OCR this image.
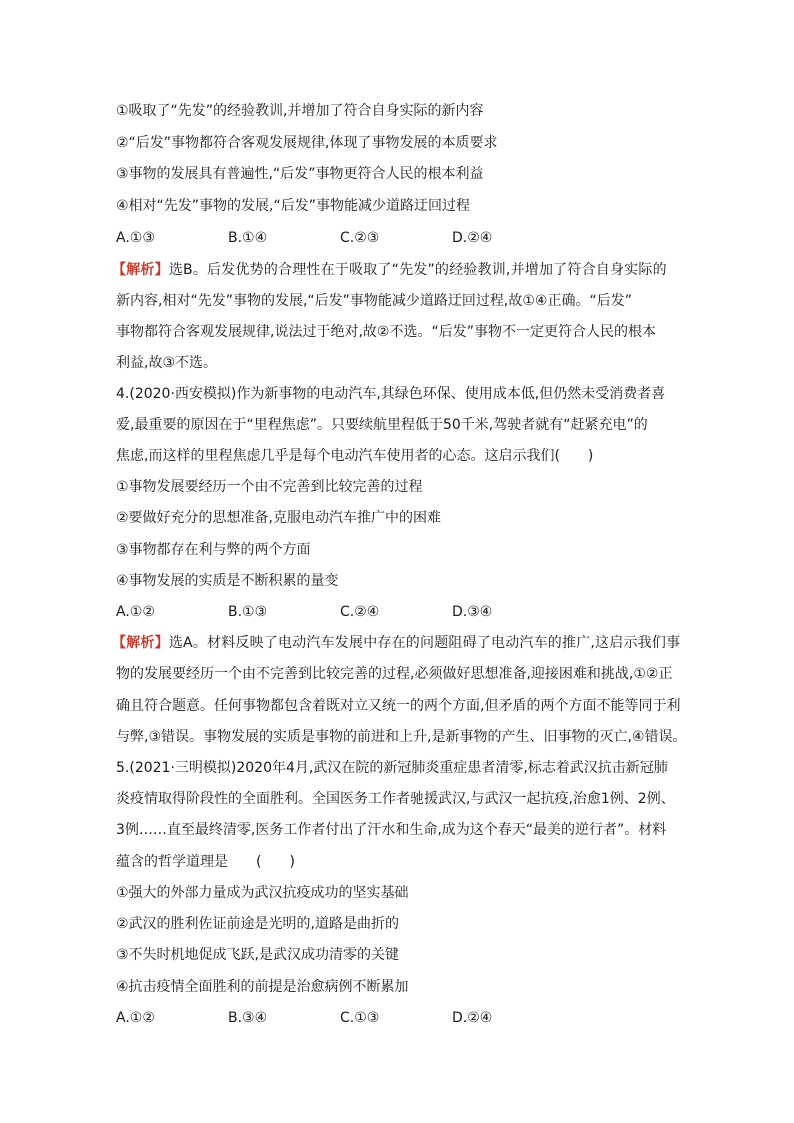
①吸取了“先发”的经验教训,并增加了符合自身实际的新内容
②“后发”事物都符合客观发展规律,体现了事物发展的本质要求
③事物的发展具有普遍性,“后发”事物更符合人民的根本利益
④相对“先发”事物的发展,“后发”事物能减少道路迂回过程
A.①③	B.①④	C.②③	D.②④
【解析】选B。后发优势的合理性在于吸取了“先发”的经验教训,并增加了符合自身实际的
新内容,相对“先发”事物的发展,“后发”事物能减少道路迂回过程,故①④正确。“后发”
事物都符合客观发展规律,说法过于绝对,故②不选。“后发”事物不一定更符合人民的根本
利益,故③不选。
4.(2020·西安模拟)作为新事物的电动汽车,其绿色环保、使用成本低,但仍然未受消费者喜
爱,最重要的原因在于“里程焦虑”。只要续航里程低于50千米,驾驶者就有“赶紧充电”的
焦虑,而这样的里程焦虑几乎是每个电动汽车使用者的心态。这启示我们(　　)
①事物发展要经历一个由不完善到比较完善的过程
②要做好充分的思想准备,克服电动汽车推广中的困难
③事物都存在利与弊的两个方面
④事物发展的实质是不断积累的量变
A.①②	B.①③	C.②④	D.③④
【解析】选A。材料反映了电动汽车发展中存在的问题阻碍了电动汽车的推广,这启示我们事
物的发展要经历一个由不完善到比较完善的过程,必须做好思想准备,迎接困难和挑战,①②正
确且符合题意。任何事物都包含着既对立又统一的两个方面,但矛盾的两个方面不能等同于利
与弊,③错误。事物发展的实质是事物的前进和上升,是新事物的产生、旧事物的灭亡,④错误。
5.(2021·三明模拟)2020年4月,武汉在院的新冠肺炎重症患者清零,标志着武汉抗击新冠肺
炎疫情取得阶段性的全面胜利。全国医务工作者驰援武汉,与武汉一起抗疫,治愈1例、2例、
3例……直至最终清零,医务工作者付出了汗水和生命,成为这个春天“最美的逆行者”。材料
蕴含的哲学道理是　　(　　)
①强大的外部力量成为武汉抗疫成功的坚实基础
②武汉的胜利佐证前途是光明的,道路是曲折的
③不失时机地促成飞跃,是武汉成功清零的关键
④抗击疫情全面胜利的前提是治愈病例不断累加
A.①②	B.③④	C.①③	D.②④
